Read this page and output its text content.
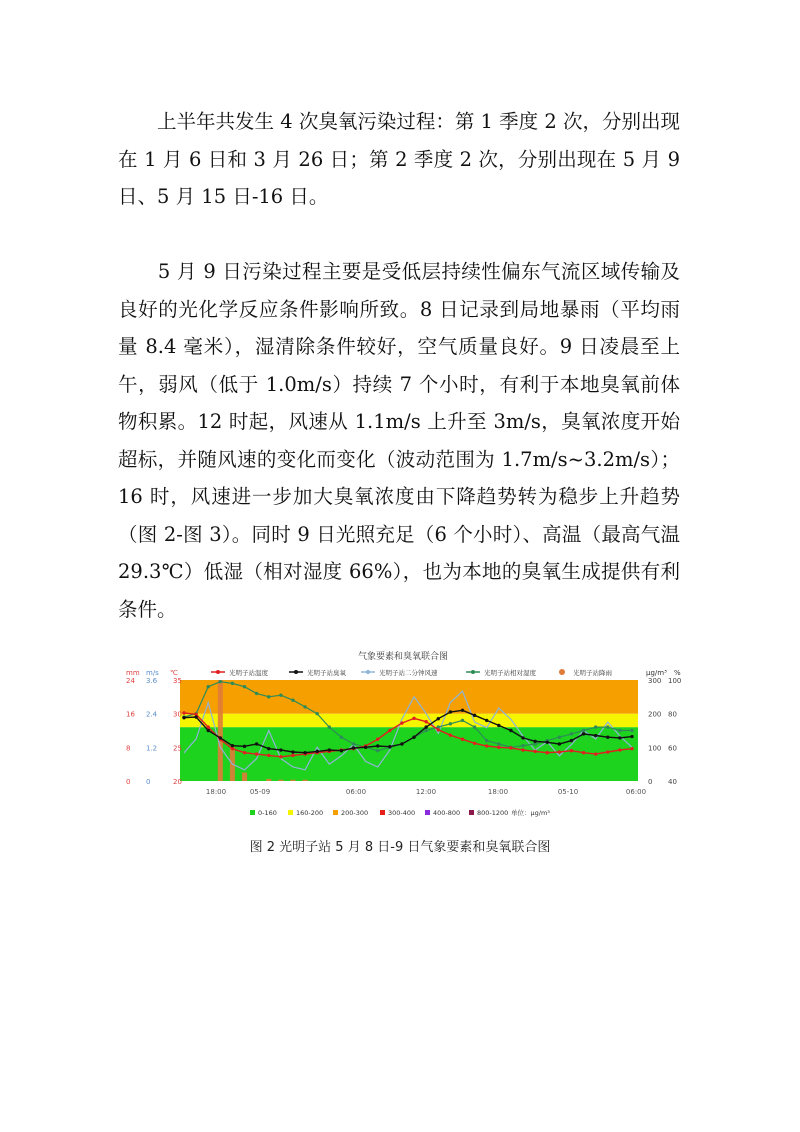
　　上半年共发生 4 次臭氧污染过程：第 1 季度 2 次，分别出现在 1 月 6 日和 3 月 26 日；第 2 季度 2 次，分别出现在 5 月 9 日、5 月 15 日-16 日。

　　5 月 9 日污染过程主要是受低层持续性偏东气流区域传输及良好的光化学反应条件影响所致。8 日记录到局地暴雨（平均雨量 8.4 毫米），湿清除条件较好，空气质量良好。9 日凌晨至上午，弱风（低于 1.0m/s）持续 7 个小时，有利于本地臭氧前体物积累。12 时起，风速从 1.1m/s 上升至 3m/s，臭氧浓度开始超标，并随风速的变化而变化（波动范围为 1.7m/s~3.2m/s）；16 时，风速进一步加大臭氧浓度由下降趋势转为稳步上升趋势（图 2-图 3）。同时 9 日光照充足（6 个小时）、高温（最高气温 29.3℃）低湿（相对湿度 66%），也为本地的臭氧生成提供有利条件。

气象要素和臭氧联合图
光明子站温度	光明子站臭氧	光明子站二分钟风速	光明子站相对湿度	光明子站降雨
mm m/s ℃	μg/m³ %
24 3.6 35	300 100
16 2.4 30	200 80
8 1.2 25	100 60
0 0	20	0 40
18:00	05-09	06:00	12:00	18:00	05-10	06:00
0-160	160-200	200-300	300-400	400-800	800-1200 单位：μg/m³
图 2 光明子站 5 月 8 日-9 日气象要素和臭氧联合图
